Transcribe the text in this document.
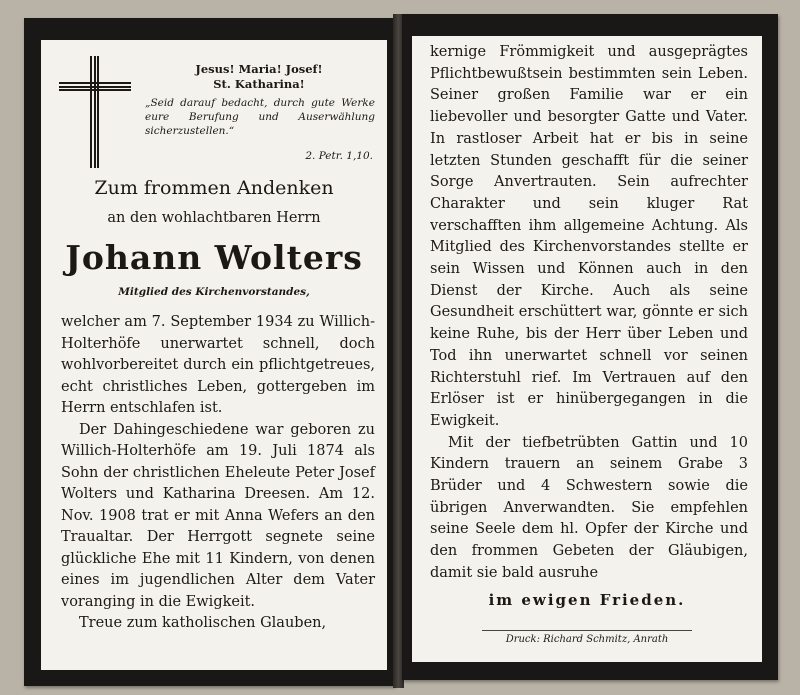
Jesus! Maria! Josef!
St. Katharina!
„Seid darauf bedacht, durch gute Werke eure Berufung und Auserwählung sicherzustellen.“
2. Petr. 1,10.
Zum frommen Andenken
an den wohlachtbaren Herrn
Johann Wolters
Mitglied des Kirchenvorstandes,

welcher am 7. September 1934 zu Willich-Holterhöfe unerwartet schnell, doch wohlvorbereitet durch ein pflichtgetreues, echt christliches Leben, gottergeben im Herrn entschlafen ist.

Der Dahingeschiedene war geboren zu Willich-Holterhöfe am 19. Juli 1874 als Sohn der christlichen Eheleute Peter Josef Wolters und Katharina Dreesen. Am 12. Nov. 1908 trat er mit Anna Wefers an den Traualtar. Der Herrgott segnete seine glückliche Ehe mit 11 Kindern, von denen eines im jugendlichen Alter dem Vater voranging in die Ewigkeit.

Treue zum katholischen Glauben,

kernige Frömmigkeit und ausgeprägtes Pflichtbewußtsein bestimmten sein Leben. Seiner großen Familie war er ein liebevoller und besorgter Gatte und Vater. In rastloser Arbeit hat er bis in seine letzten Stunden geschafft für die seiner Sorge Anvertrauten. Sein aufrechter Charakter und sein kluger Rat verschafften ihm allgemeine Achtung. Als Mitglied des Kirchenvorstandes stellte er sein Wissen und Können auch in den Dienst der Kirche. Auch als seine Gesundheit erschüttert war, gönnte er sich keine Ruhe, bis der Herr über Leben und Tod ihn unerwartet schnell vor seinen Richterstuhl rief. Im Vertrauen auf den Erlöser ist er hinübergegangen in die Ewigkeit.

Mit der tiefbetrübten Gattin und 10 Kindern trauern an seinem Grabe 3 Brüder und 4 Schwestern sowie die übrigen Anverwandten. Sie empfehlen seine Seele dem hl. Opfer der Kirche und den frommen Gebeten der Gläubigen, damit sie bald ausruhe

im ewigen Frieden.
Druck: Richard Schmitz, Anrath
